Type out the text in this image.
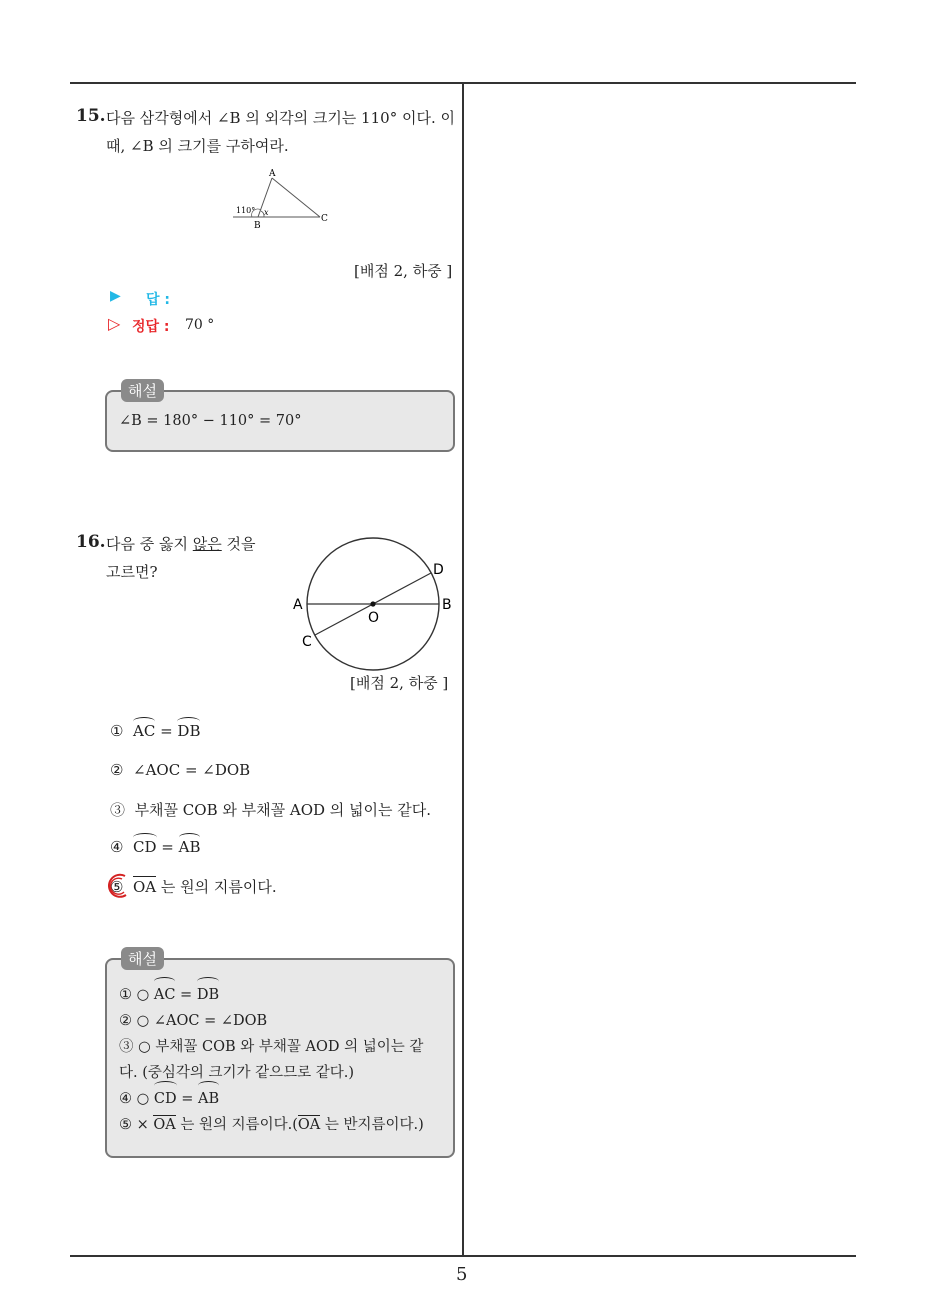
15. 다음 삼각형에서 ∠B 의 외각의 크기는 110° 이다. 이
때, ∠B 의 크기를 구하여라.
A
B
C
110° x
[배점 2, 하중 ]
▶ 답 :
▷ 정답 : 70 °
해설
∠B = 180° − 110° = 70°
16. 다음 중 옳지 않은 것을
고르면?
A	B
C
D
O
[배점 2, 하중 ]
① AC = DB
② ∠AOC = ∠DOB
③ 부채꼴 COB 와 부채꼴 AOD 의 넓이는 같다.
④ CD = AB
⑤ OA 는 원의 지름이다.
해설
① ○ AC = DB
② ○ ∠AOC = ∠DOB
③ ○ 부채꼴 COB 와 부채꼴 AOD 의 넓이는 같
다. (중심각의 크기가 같으므로 같다.)
④ ○ CD = AB
⑤ × OA 는 원의 지름이다.(OA 는 반지름이다.)
5
